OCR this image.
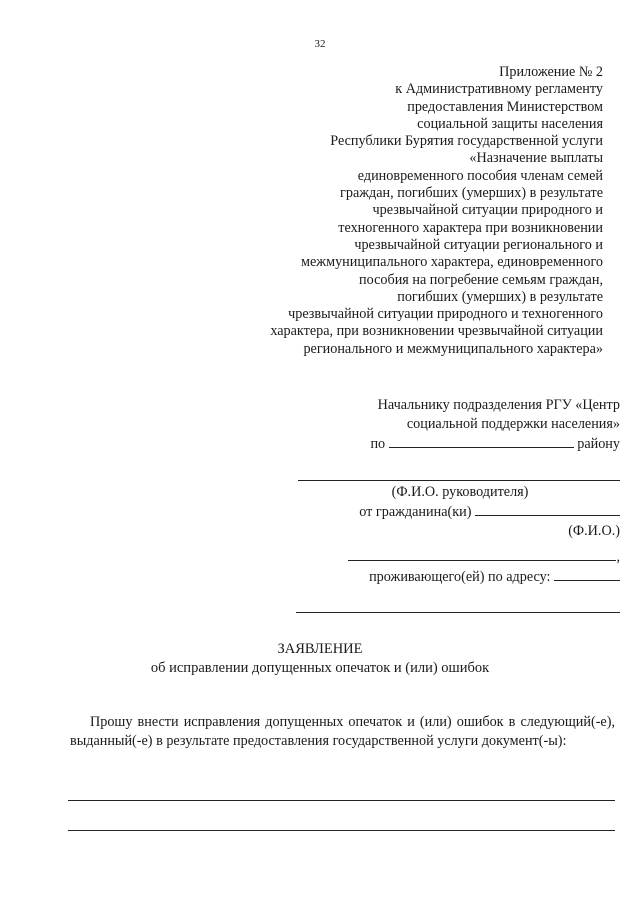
32
Приложение № 2
к Административному регламенту
предоставления Министерством
социальной защиты населения
Республики Бурятия государственной услуги
«Назначение выплаты
единовременного пособия членам семей
граждан, погибших (умерших) в результате
чрезвычайной ситуации природного и
техногенного характера при возникновении
чрезвычайной ситуации регионального и
межмуниципального характера, единовременного
пособия на погребение семьям граждан,
погибших (умерших) в результате
чрезвычайной ситуации природного и техногенного
характера, при возникновении чрезвычайной ситуации
регионального и межмуниципального характера»
Начальнику подразделения РГУ «Центр
социальной поддержки населения»
по	району
(Ф.И.О. руководителя)
от гражданина(ки)
(Ф.И.О.)
,
проживающего(ей) по адресу:
ЗАЯВЛЕНИЕ
об исправлении допущенных опечаток и (или) ошибок

Прошу внести исправления допущенных опечаток и (или) ошибок в следующий(-е), выданный(-е) в результате предоставления государственной услуги документ(-ы):
